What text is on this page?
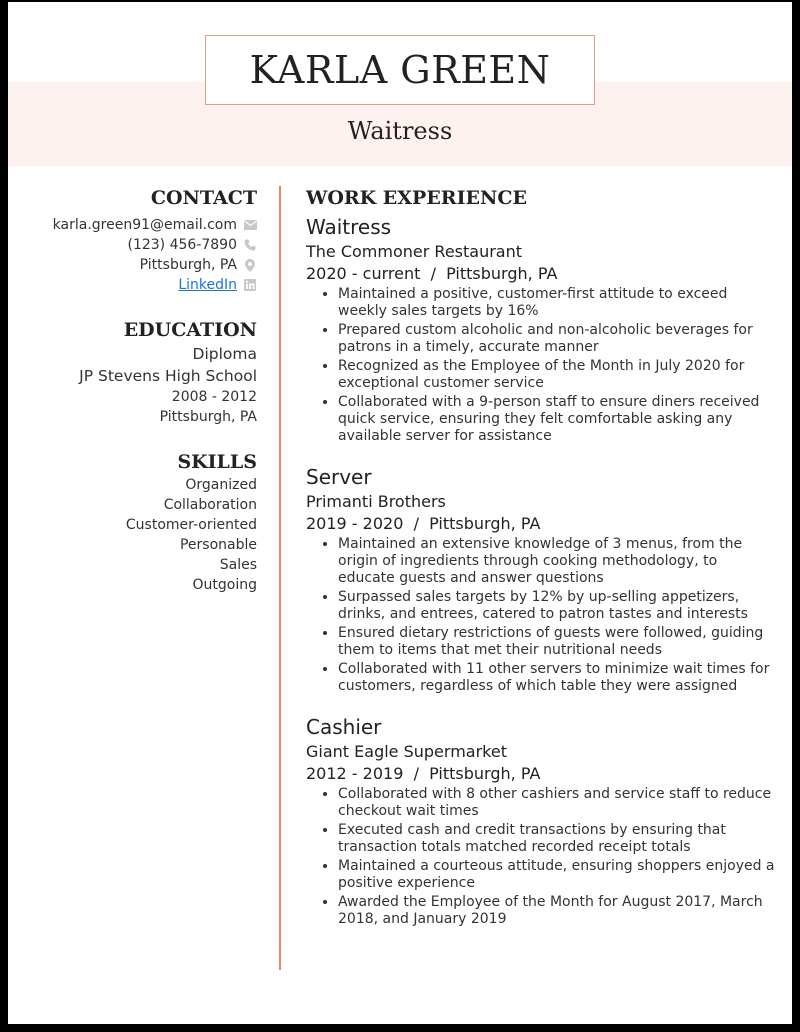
KARLA GREEN
Waitress
CONTACT
karla.green91@email.com
(123) 456-7890
Pittsburgh, PA
LinkedIn
EDUCATION
Diploma
JP Stevens High School
2008 - 2012
Pittsburgh, PA
SKILLS
Organized
Collaboration
Customer-oriented
Personable
Sales
Outgoing
WORK EXPERIENCE
Waitress
The Commoner Restaurant
2020 - current  /  Pittsburgh, PA
• Maintained a positive, customer-first attitude to exceed weekly sales targets by 16%
• Prepared custom alcoholic and non-alcoholic beverages for patrons in a timely, accurate manner
• Recognized as the Employee of the Month in July 2020 for exceptional customer service
• Collaborated with a 9-person staff to ensure diners received quick service, ensuring they felt comfortable asking any available server for assistance
Server
Primanti Brothers
2019 - 2020  /  Pittsburgh, PA
• Maintained an extensive knowledge of 3 menus, from the origin of ingredients through cooking methodology, to educate guests and answer questions
• Surpassed sales targets by 12% by up-selling appetizers, drinks, and entrees, catered to patron tastes and interests
• Ensured dietary restrictions of guests were followed, guiding them to items that met their nutritional needs
• Collaborated with 11 other servers to minimize wait times for customers, regardless of which table they were assigned
Cashier
Giant Eagle Supermarket
2012 - 2019  /  Pittsburgh, PA
• Collaborated with 8 other cashiers and service staff to reduce checkout wait times
• Executed cash and credit transactions by ensuring that transaction totals matched recorded receipt totals
• Maintained a courteous attitude, ensuring shoppers enjoyed a positive experience
• Awarded the Employee of the Month for August 2017, March 2018, and January 2019
